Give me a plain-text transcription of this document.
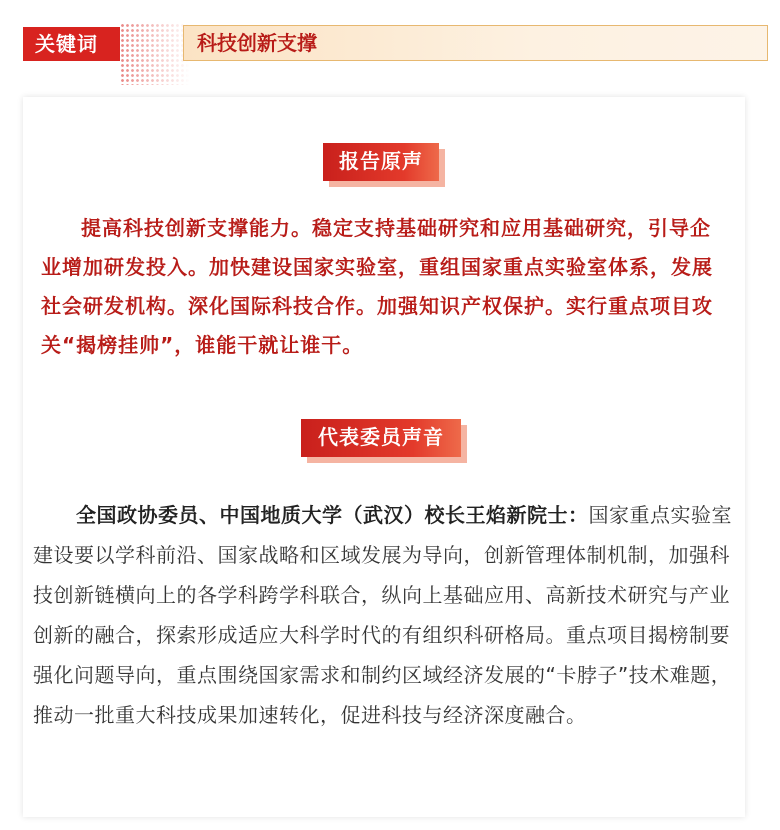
关键词	科技创新支撑
报告原声

提高科技创新支撑能力。稳定支持基础研究和应用基础研究，引导企业增加研发投入。加快建设国家实验室，重组国家重点实验室体系，发展社会研发机构。深化国际科技合作。加强知识产权保护。实行重点项目攻关“揭榜挂帅”，谁能干就让谁干。

代表委员声音

全国政协委员、中国地质大学（武汉）校长王焰新院士：国家重点实验室建设要以学科前沿、国家战略和区域发展为导向，创新管理体制机制，加强科技创新链横向上的各学科跨学科联合，纵向上基础应用、高新技术研究与产业创新的融合，探索形成适应大科学时代的有组织科研格局。重点项目揭榜制要强化问题导向，重点围绕国家需求和制约区域经济发展的“卡脖子”技术难题，推动一批重大科技成果加速转化，促进科技与经济深度融合。
